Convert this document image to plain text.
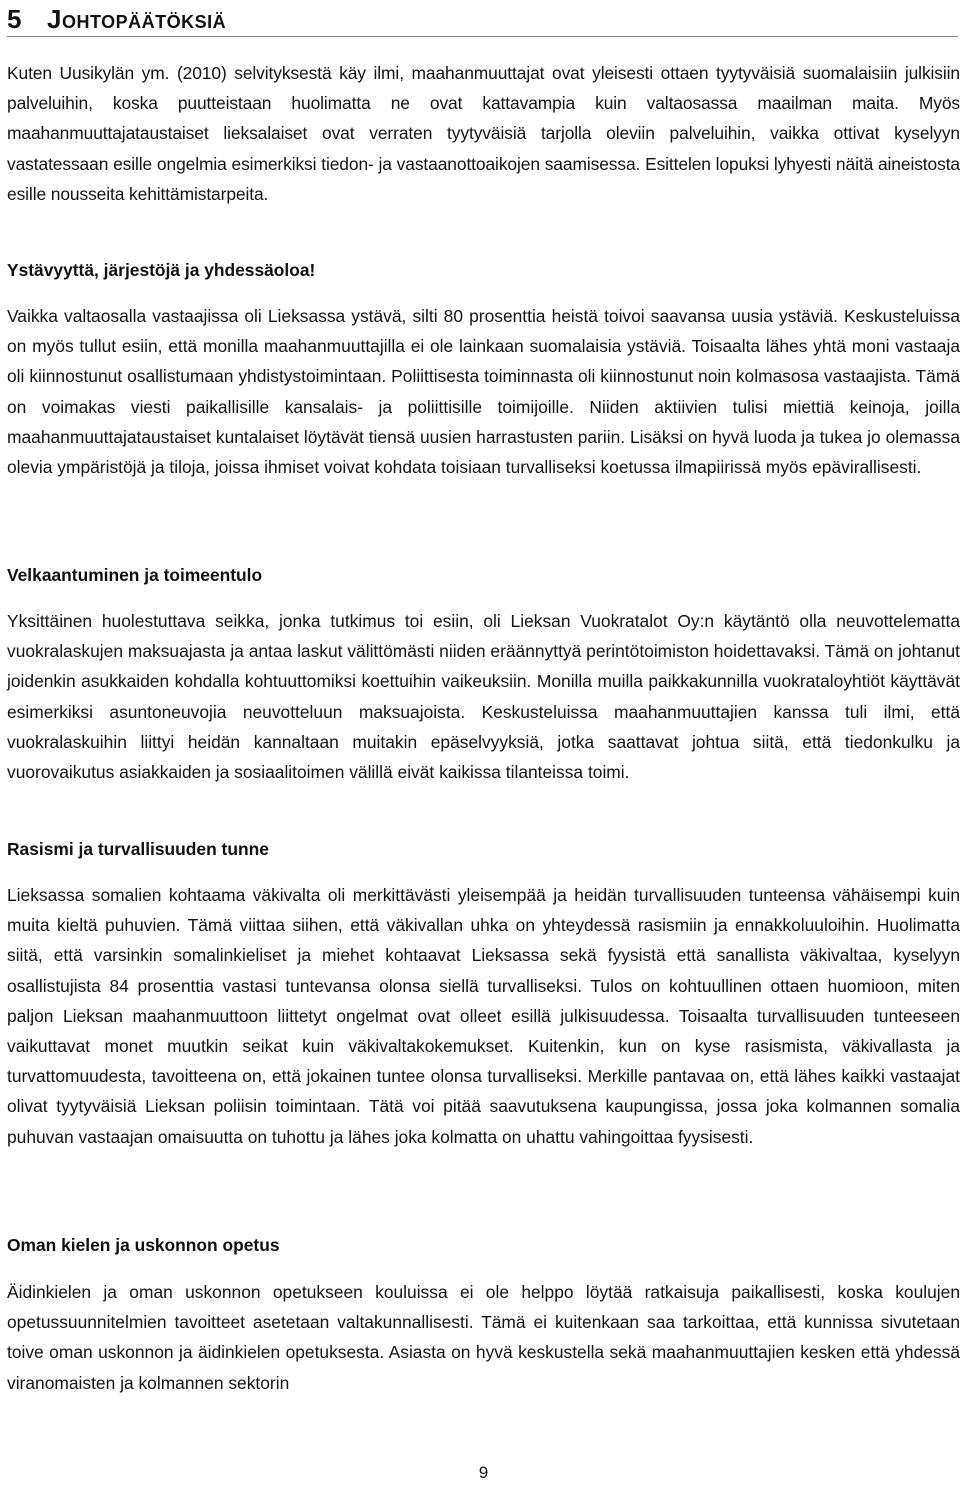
5 Johtopäätöksiä

Kuten Uusikylän ym. (2010) selvityksestä käy ilmi, maahanmuuttajat ovat yleisesti ottaen tyytyväisiä suomalaisiin julkisiin palveluihin, koska puutteistaan huolimatta ne ovat kattavampia kuin valtaosassa maailman maita. Myös maahanmuuttajataustaiset lieksalaiset ovat verraten tyytyväisiä tarjolla oleviin palveluihin, vaikka ottivat kyselyyn vastatessaan esille ongelmia esimerkiksi tiedon- ja vastaanottoaikojen saamisessa. Esittelen lopuksi lyhyesti näitä aineistosta esille nousseita kehittämistarpeita.

Ystävyyttä, järjestöjä ja yhdessäoloa!

Vaikka valtaosalla vastaajissa oli Lieksassa ystävä, silti 80 prosenttia heistä toivoi saavansa uusia ystäviä. Keskusteluissa on myös tullut esiin, että monilla maahanmuuttajilla ei ole lainkaan suomalaisia ystäviä. Toisaalta lähes yhtä moni vastaaja oli kiinnostunut osallistumaan yhdistystoimintaan. Poliittisesta toiminnasta oli kiinnostunut noin kolmasosa vastaajista. Tämä on voimakas viesti paikallisille kansalais- ja poliittisille toimijoille. Niiden aktiivien tulisi miettiä keinoja, joilla maahanmuuttajataustaiset kuntalaiset löytävät tiensä uusien harrastusten pariin. Lisäksi on hyvä luoda ja tukea jo olemassa olevia ympäristöjä ja tiloja, joissa ihmiset voivat kohdata toisiaan turvalliseksi koetussa ilmapiirissä myös epävirallisesti.

Velkaantuminen ja toimeentulo

Yksittäinen huolestuttava seikka, jonka tutkimus toi esiin, oli Lieksan Vuokratalot Oy:n käytäntö olla neuvottelematta vuokralaskujen maksuajasta ja antaa laskut välittömästi niiden eräännyttyä perintötoimiston hoidettavaksi. Tämä on johtanut joidenkin asukkaiden kohdalla kohtuuttomiksi koettuihin vaikeuksiin. Monilla muilla paikkakunnilla vuokrataloyhtiöt käyttävät esimerkiksi asuntoneuvojia neuvotteluun maksuajoista. Keskusteluissa maahanmuuttajien kanssa tuli ilmi, että vuokralaskuihin liittyi heidän kannaltaan muitakin epäselvyyksiä, jotka saattavat johtua siitä, että tiedonkulku ja vuorovaikutus asiakkaiden ja sosiaalitoimen välillä eivät kaikissa tilanteissa toimi.

Rasismi ja turvallisuuden tunne

Lieksassa somalien kohtaama väkivalta oli merkittävästi yleisempää ja heidän turvallisuuden tunteensa vähäisempi kuin muita kieltä puhuvien. Tämä viittaa siihen, että väkivallan uhka on yhteydessä rasismiin ja ennakkoluuloihin. Huolimatta siitä, että varsinkin somalinkieliset ja miehet kohtaavat Lieksassa sekä fyysistä että sanallista väkivaltaa, kyselyyn osallistujista 84 prosenttia vastasi tuntevansa olonsa siellä turvalliseksi. Tulos on kohtuullinen ottaen huomioon, miten paljon Lieksan maahanmuuttoon liittetyt ongelmat ovat olleet esillä julkisuudessa. Toisaalta turvallisuuden tunteeseen vaikuttavat monet muutkin seikat kuin väkivaltakokemukset. Kuitenkin, kun on kyse rasismista, väkivallasta ja turvattomuudesta, tavoitteena on, että jokainen tuntee olonsa turvalliseksi. Merkille pantavaa on, että lähes kaikki vastaajat olivat tyytyväisiä Lieksan poliisin toimintaan. Tätä voi pitää saavutuksena kaupungissa, jossa joka kolmannen somalia puhuvan vastaajan omaisuutta on tuhottu ja lähes joka kolmatta on uhattu vahingoittaa fyysisesti.

Oman kielen ja uskonnon opetus

Äidinkielen ja oman uskonnon opetukseen kouluissa ei ole helppo löytää ratkaisuja paikallisesti, koska koulujen opetussuunnitelmien tavoitteet asetetaan valtakunnallisesti. Tämä ei kuitenkaan saa tarkoittaa, että kunnissa sivutetaan toive oman uskonnon ja äidinkielen opetuksesta. Asiasta on hyvä keskustella sekä maahanmuuttajien kesken että yhdessä viranomaisten ja kolmannen sektorin

9
